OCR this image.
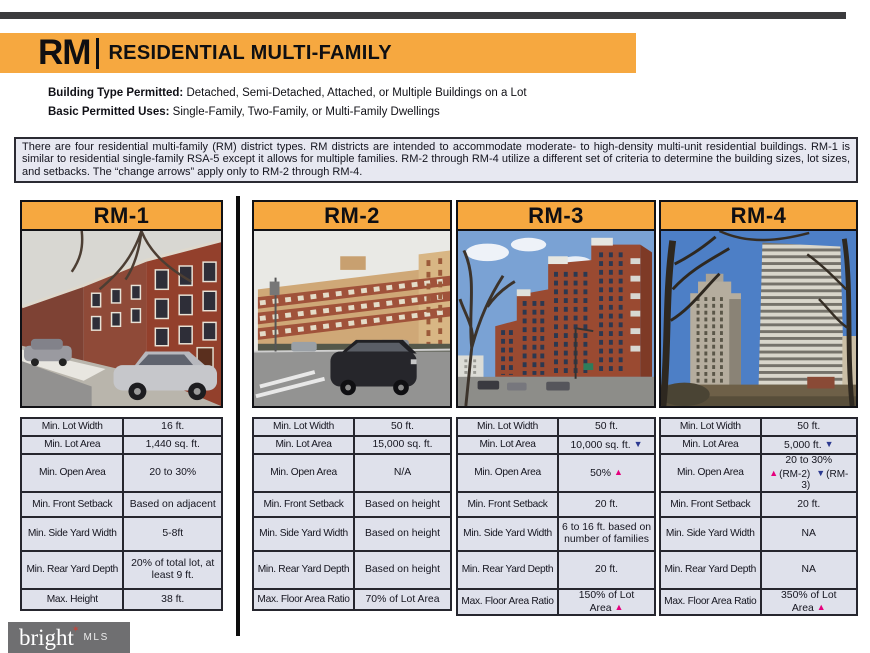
RM RESIDENTIAL MULTI-FAMILY
Building Type Permitted: Detached, Semi-Detached, Attached, or Multiple Buildings on a Lot
Basic Permitted Uses: Single-Family, Two-Family, or Multi-Family Dwellings
There are four residential multi-family (RM) district types. RM districts are intended to accommodate moderate- to high-density multi-unit residential buildings. RM-1 is similar to residential single-family RSA-5 except it allows for multiple families. RM-2 through RM-4 utilize a different set of criteria to determine the building sizes, lot sizes, and setbacks. The “change arrows” apply only to RM-2 through RM-4.
RM-1
Min. Lot Width	16 ft.
Min. Lot Area	1,440 sq. ft.
Min. Open Area	20 to 30%
Min. Front Setback	Based on adjacent
Min. Side Yard Width	5-8ft
Min. Rear Yard Depth	20% of total lot, at least 9 ft.
Max. Height	38 ft.
RM-2
Min. Lot Width	50 ft.
Min. Lot Area	15,000 sq. ft.
Min. Open Area	N/A
Min. Front Setback	Based on height
Min. Side Yard Width	Based on height
Min. Rear Yard Depth	Based on height
Max. Floor Area Ratio	70% of Lot Area
RM-3
Min. Lot Width	50 ft.
Min. Lot Area	10,000 sq. ft. ▼
Min. Open Area	50% ▲
Min. Front Setback	20 ft.
Min. Side Yard Width	6 to 16 ft. based on number of families
Min. Rear Yard Depth	20 ft.
Max. Floor Area Ratio	150% of Lot Area ▲
RM-4
Min. Lot Width	50 ft.
Min. Lot Area	5,000 ft. ▼
Min. Open Area	20 to 30%
▲(RM-2) ▼(RM-3)

Min. Front Setback	20 ft.
Min. Side Yard Width	NA
Min. Rear Yard Depth	NA
Max. Floor Area Ratio	350% of Lot Area ▲
bright
✶
MLS
